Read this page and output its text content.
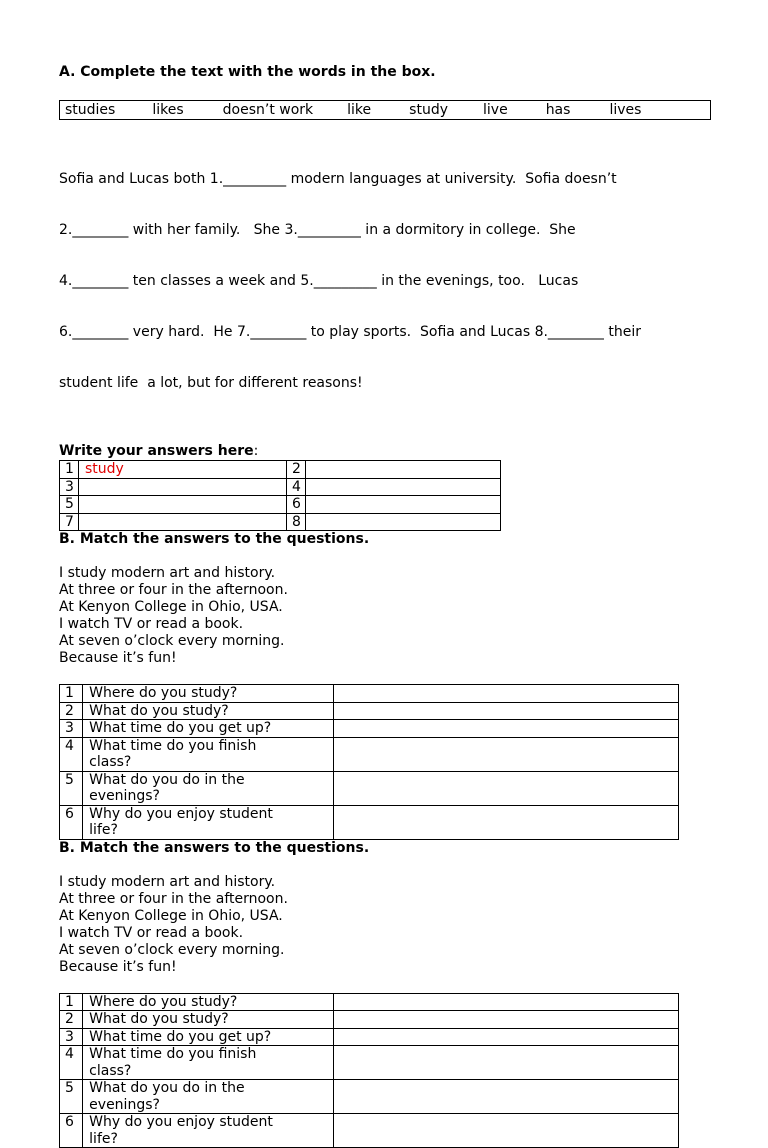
A. Complete the text with the words in the box.

studies	likes	doesn’t work like	study	live	has	lives

Sofia and Lucas both 1._________ modern languages at university.  Sofia doesn’t

2.________ with her family.   She 3._________ in a dormitory in college.  She

4.________ ten classes a week and 5._________ in the evenings, too.   Lucas

6.________ very hard.  He 7.________ to play sports.  Sofia and Lucas 8.________ their

student life  a lot, but for different reasons!

Write your answers here:
1	study	2	
3		4	
5		6	
7		8	

B. Match the answers to the questions.

I study modern art and history.
At three or four in the afternoon.
At Kenyon College in Ohio, USA.
I watch TV or read a book.
At seven o’clock every morning.
Because it’s fun!
1	Where do you study?	

2	What do you study?	

3	What time do you get up?	

4	What time do you finish
class?	

5	What do you do in the
evenings?	

6	Why do you enjoy student
life?	

B. Match the answers to the questions.

I study modern art and history.
At three or four in the afternoon.
At Kenyon College in Ohio, USA.
I watch TV or read a book.
At seven o’clock every morning.
Because it’s fun!
1	Where do you study?	

2	What do you study?	

3	What time do you get up?	

4	What time do you finish
class?	

5	What do you do in the
evenings?	

6	Why do you enjoy student
life?	
